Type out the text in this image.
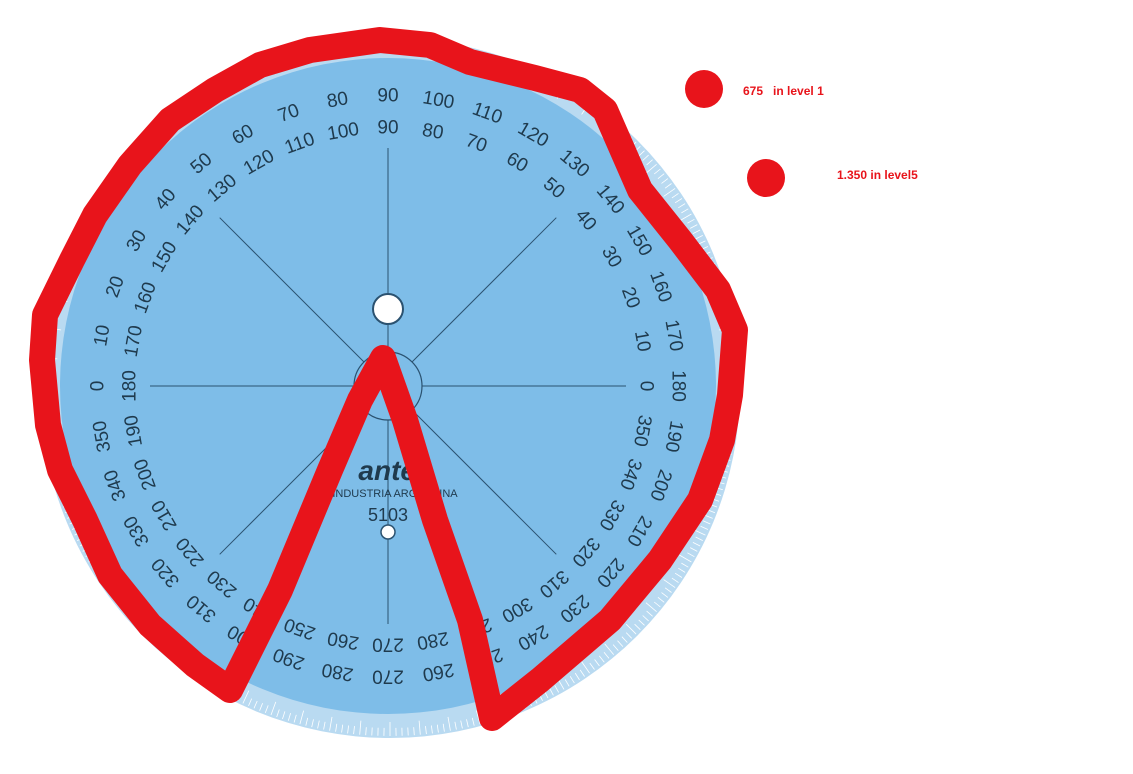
0
10
20
30
40
50
60
70 80 90 100 110
120
130
140
150
160
170
180
190
200
210
220
230
240
250
260
270
280
290
300
310
320
330
340
350
180
170
160
150
140
130
120
110 100 90 80 70
60
50
40
30
20
10
0
350
340
330
320
310
300
290
280
270
260
250
240
230
220
210
200
190
antec
INDUSTRIA ARGENTINA
5103
675 in level 1
1.350 in level5
